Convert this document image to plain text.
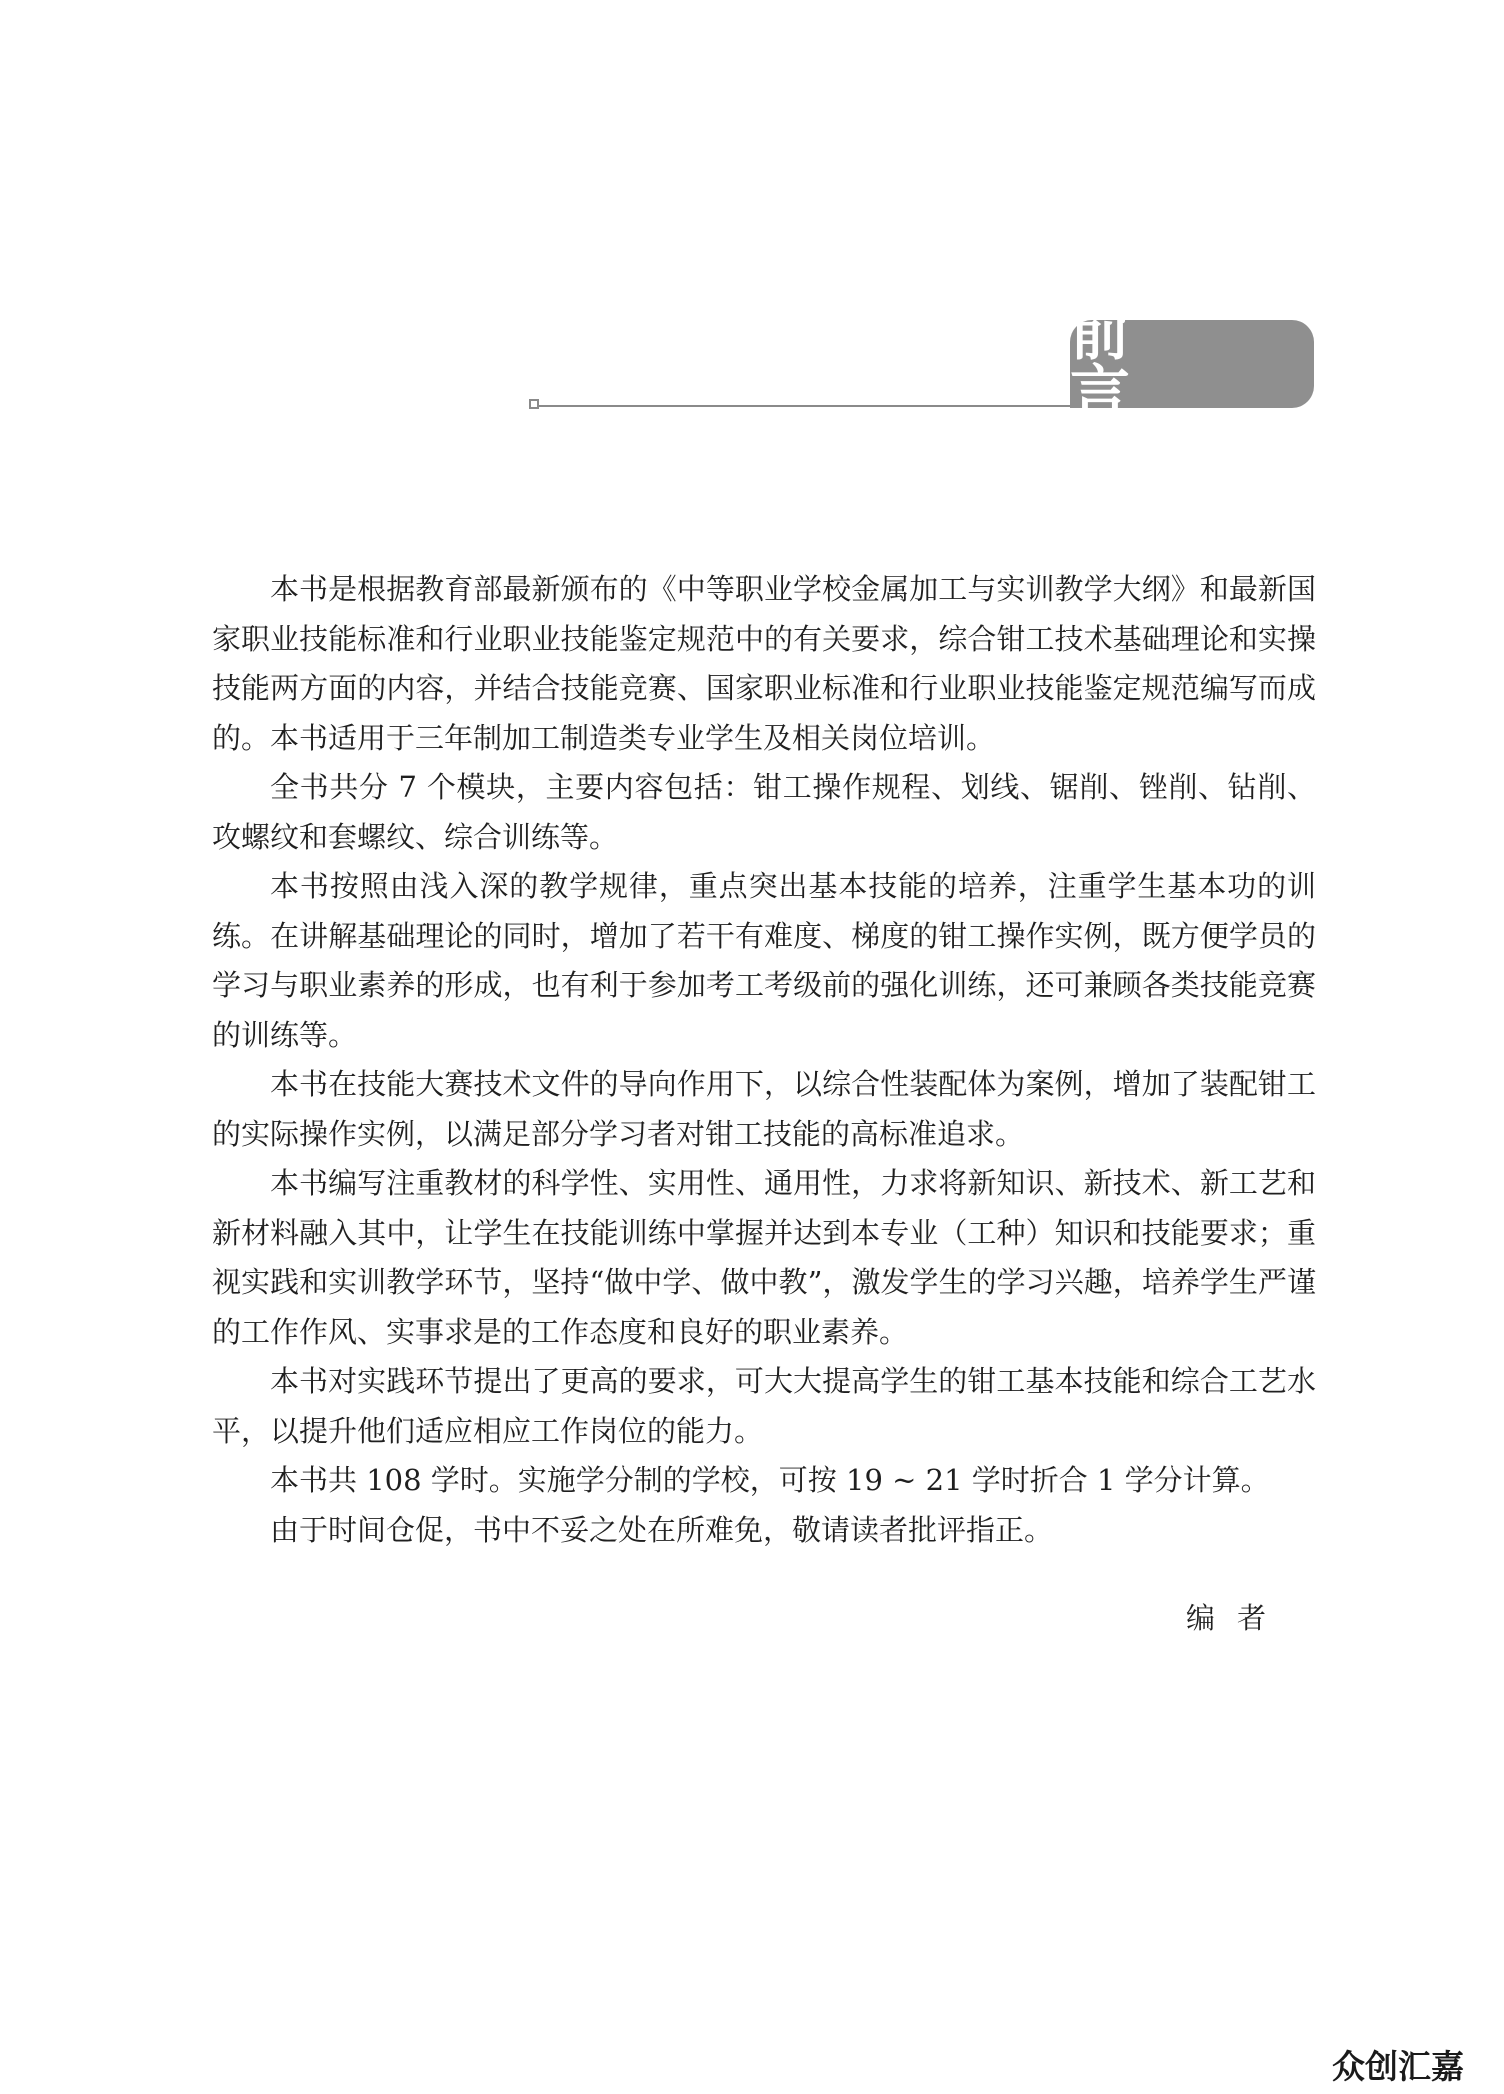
前 言

本书是根据教育部最新颁布的《中等职业学校金属加工与实训教学大纲》和最新国家职业技能标准和行业职业技能鉴定规范中的有关要求，综合钳工技术基础理论和实操技能两方面的内容，并结合技能竞赛、国家职业标准和行业职业技能鉴定规范编写而成的。本书适用于三年制加工制造类专业学生及相关岗位培训。

全书共分 7 个模块，主要内容包括：钳工操作规程、划线、锯削、锉削、钻削、攻螺纹和套螺纹、综合训练等。

本书按照由浅入深的教学规律，重点突出基本技能的培养，注重学生基本功的训练。在讲解基础理论的同时，增加了若干有难度、梯度的钳工操作实例，既方便学员的学习与职业素养的形成，也有利于参加考工考级前的强化训练，还可兼顾各类技能竞赛的训练等。

本书在技能大赛技术文件的导向作用下，以综合性装配体为案例，增加了装配钳工的实际操作实例，以满足部分学习者对钳工技能的高标准追求。

本书编写注重教材的科学性、实用性、通用性，力求将新知识、新技术、新工艺和新材料融入其中，让学生在技能训练中掌握并达到本专业（工种）知识和技能要求；重视实践和实训教学环节，坚持“做中学、做中教”，激发学生的学习兴趣，培养学生严谨的工作作风、实事求是的工作态度和良好的职业素养。

本书对实践环节提出了更高的要求，可大大提高学生的钳工基本技能和综合工艺水平，以提升他们适应相应工作岗位的能力。

本书共 108 学时。实施学分制的学校，可按 19 ~ 21 学时折合 1 学分计算。

由于时间仓促，书中不妥之处在所难免，敬请读者批评指正。

编者
众创汇嘉
